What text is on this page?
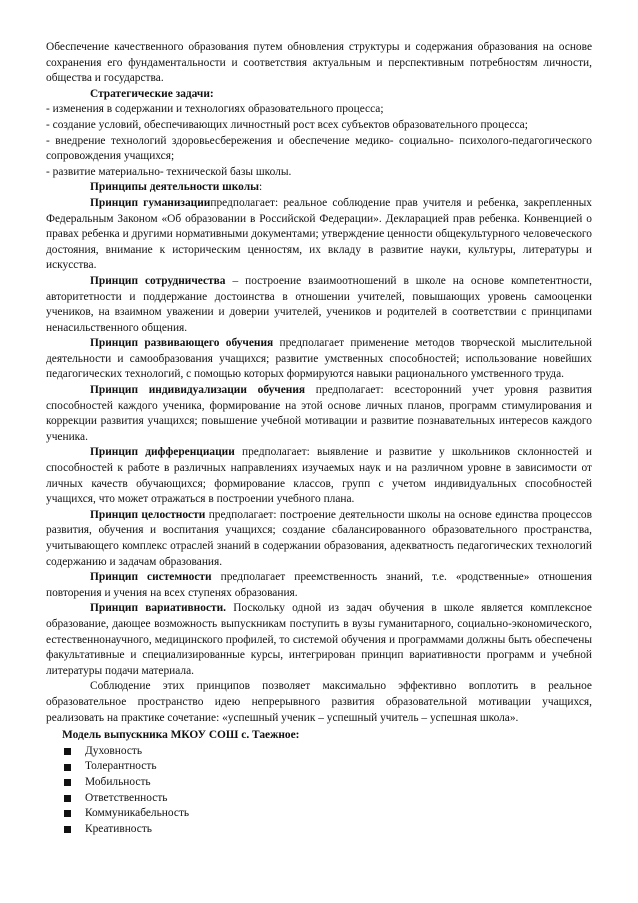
Обеспечение качественного образования путем обновления структуры и содержания образования на основе сохранения его фундаментальности и соответствия актуальным и перспективным потребностям личности, общества и государства.

Стратегические задачи:

- изменения в содержании и технологиях образовательного процесса;

- создание условий, обеспечивающих личностный рост всех субъектов образовательного процесса;

- внедрение технологий здоровьесбережения и обеспечение медико- социально- психолого-педагогического сопровождения учащихся;

- развитие материально- технической базы школы.

Принципы деятельности школы:

Принцип гуманизациипредполагает: реальное соблюдение прав учителя и ребенка, закрепленных Федеральным Законом «Об образовании в Российской Федерации». Декларацией прав ребенка. Конвенцией о правах ребенка и другими нормативными документами; утверждение ценности общекультурного человеческого достояния, внимание к историческим ценностям, их вкладу в развитие науки, культуры, литературы и искусства.

Принцип сотрудничества – построение взаимоотношений в школе на основе компетентности, авторитетности и поддержание достоинства в отношении учителей, повышающих уровень самооценки учеников, на взаимном уважении и доверии учителей, учеников и родителей в соответствии с принципами ненасильственного общения.

Принцип развивающего обучения предполагает применение методов творческой мыслительной деятельности и самообразования учащихся; развитие умственных способностей; использование новейших педагогических технологий, с помощью которых формируются навыки рационального умственного труда.

Принцип индивидуализации обучения предполагает: всесторонний учет уровня развития способностей каждого ученика, формирование на этой основе личных планов, программ стимулирования и коррекции развития учащихся; повышение учебной мотивации и развитие познавательных интересов каждого ученика.

Принцип дифференциации предполагает: выявление и развитие у школьников склонностей и способностей к работе в различных направлениях изучаемых наук и на различном уровне в зависимости от личных качеств обучающихся; формирование классов, групп с учетом индивидуальных способностей учащихся, что может отражаться в построении учебного плана.

Принцип целостности предполагает: построение деятельности школы на основе единства процессов развития, обучения и воспитания учащихся; создание сбалансированного образовательного пространства, учитывающего комплекс отраслей знаний в содержании образования, адекватность педагогических технологий содержанию и задачам образования.

Принцип системности предполагает преемственность знаний, т.е. «родственные» отношения повторения и учения на всех ступенях образования.

Принцип вариативности. Поскольку одной из задач обучения в школе является комплексное образование, дающее возможность выпускникам поступить в вузы гуманитарного, социально-экономического, естественнонаучного, медицинского профилей, то системой обучения и программами должны быть обеспечены факультативные и специализированные курсы, интегрирован принцип вариативности программ и учебной литературы подачи материала.

Соблюдение этих принципов позволяет максимально эффективно воплотить в реальное образовательное пространство идею непрерывного развития образовательной мотивации учащихся, реализовать на практике сочетание: «успешный ученик – успешный учитель – успешная школа».

Модель выпускника МКОУ СОШ с. Таежное:

Духовность
Толерантность
Мобильность
Ответственность
Коммуникабельность
Креативность
